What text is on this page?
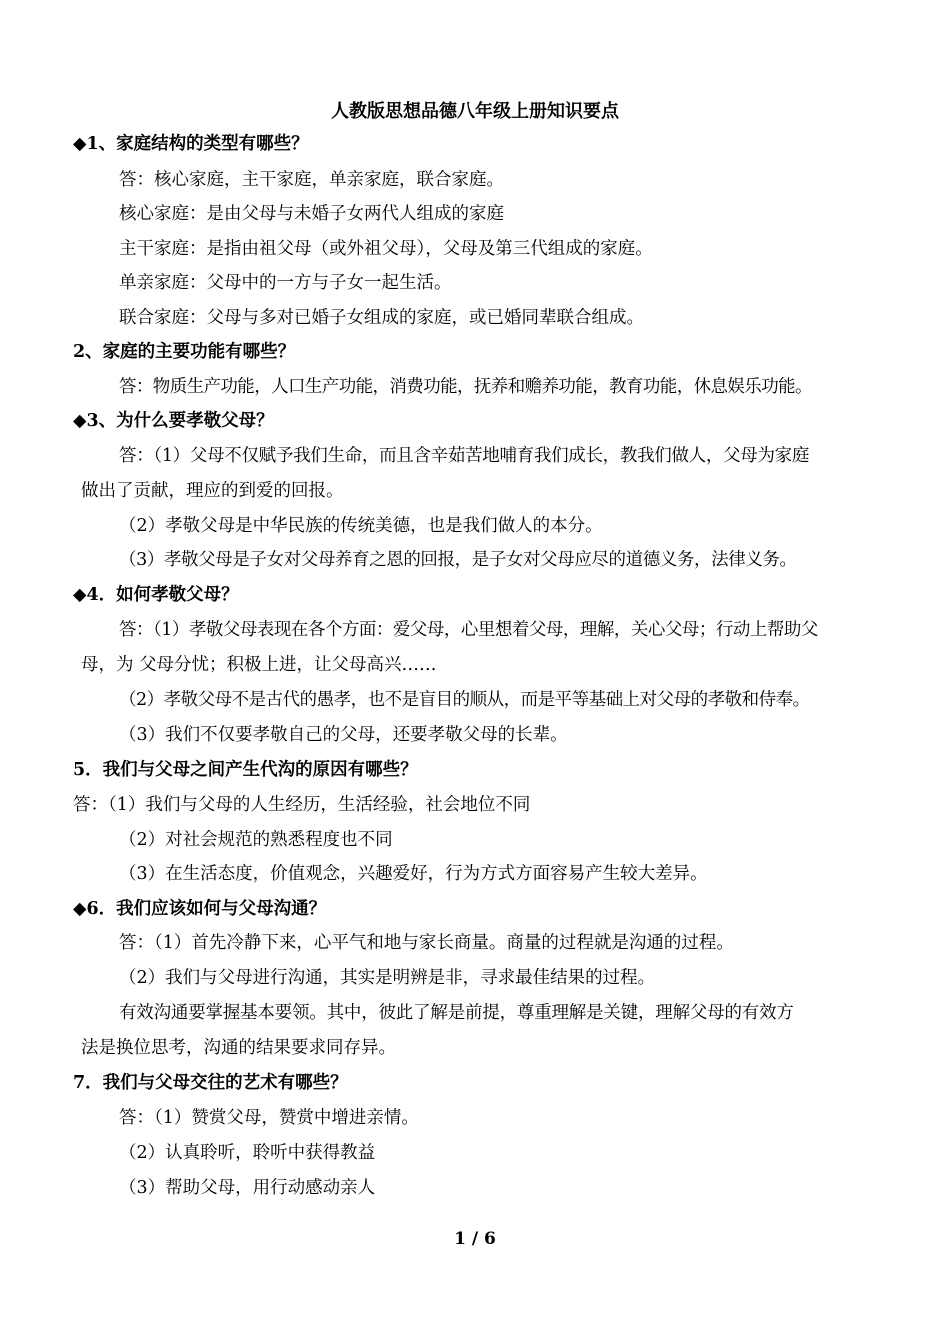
人教版思想品德八年级上册知识要点
◆1、家庭结构的类型有哪些？
答：核心家庭，主干家庭，单亲家庭，联合家庭。
核心家庭：是由父母与未婚子女两代人组成的家庭
主干家庭：是指由祖父母（或外祖父母），父母及第三代组成的家庭。
单亲家庭：父母中的一方与子女一起生活。
联合家庭：父母与多对已婚子女组成的家庭，或已婚同辈联合组成。
2、家庭的主要功能有哪些？
答：物质生产功能，人口生产功能，消费功能，抚养和赡养功能，教育功能，休息娱乐功能。
◆3、为什么要孝敬父母？
答：（1）父母不仅赋予我们生命，而且含辛茹苦地哺育我们成长，教我们做人，父母为家庭
做出了贡献，理应的到爱的回报。
（2）孝敬父母是中华民族的传统美德，也是我们做人的本分。
（3）孝敬父母是子女对父母养育之恩的回报，是子女对父母应尽的道德义务，法律义务。
◆4．如何孝敬父母？
答：（1）孝敬父母表现在各个方面：爱父母，心里想着父母，理解，关心父母；行动上帮助父
母，为 父母分忧；积极上进，让父母高兴……
（2）孝敬父母不是古代的愚孝，也不是盲目的顺从，而是平等基础上对父母的孝敬和侍奉。
（3）我们不仅要孝敬自己的父母，还要孝敬父母的长辈。
5．我们与父母之间产生代沟的原因有哪些？
答：（1）我们与父母的人生经历，生活经验，社会地位不同
（2）对社会规范的熟悉程度也不同
（3）在生活态度，价值观念，兴趣爱好，行为方式方面容易产生较大差异。
◆6．我们应该如何与父母沟通？
答：（1）首先冷静下来，心平气和地与家长商量。商量的过程就是沟通的过程。
（2）我们与父母进行沟通，其实是明辨是非，寻求最佳结果的过程。
有效沟通要掌握基本要领。其中，彼此了解是前提，尊重理解是关键，理解父母的有效方
法是换位思考，沟通的结果要求同存异。
7．我们与父母交往的艺术有哪些？
答：（1）赞赏父母，赞赏中增进亲情。
（2）认真聆听，聆听中获得教益
（3）帮助父母，用行动感动亲人
1 / 6
